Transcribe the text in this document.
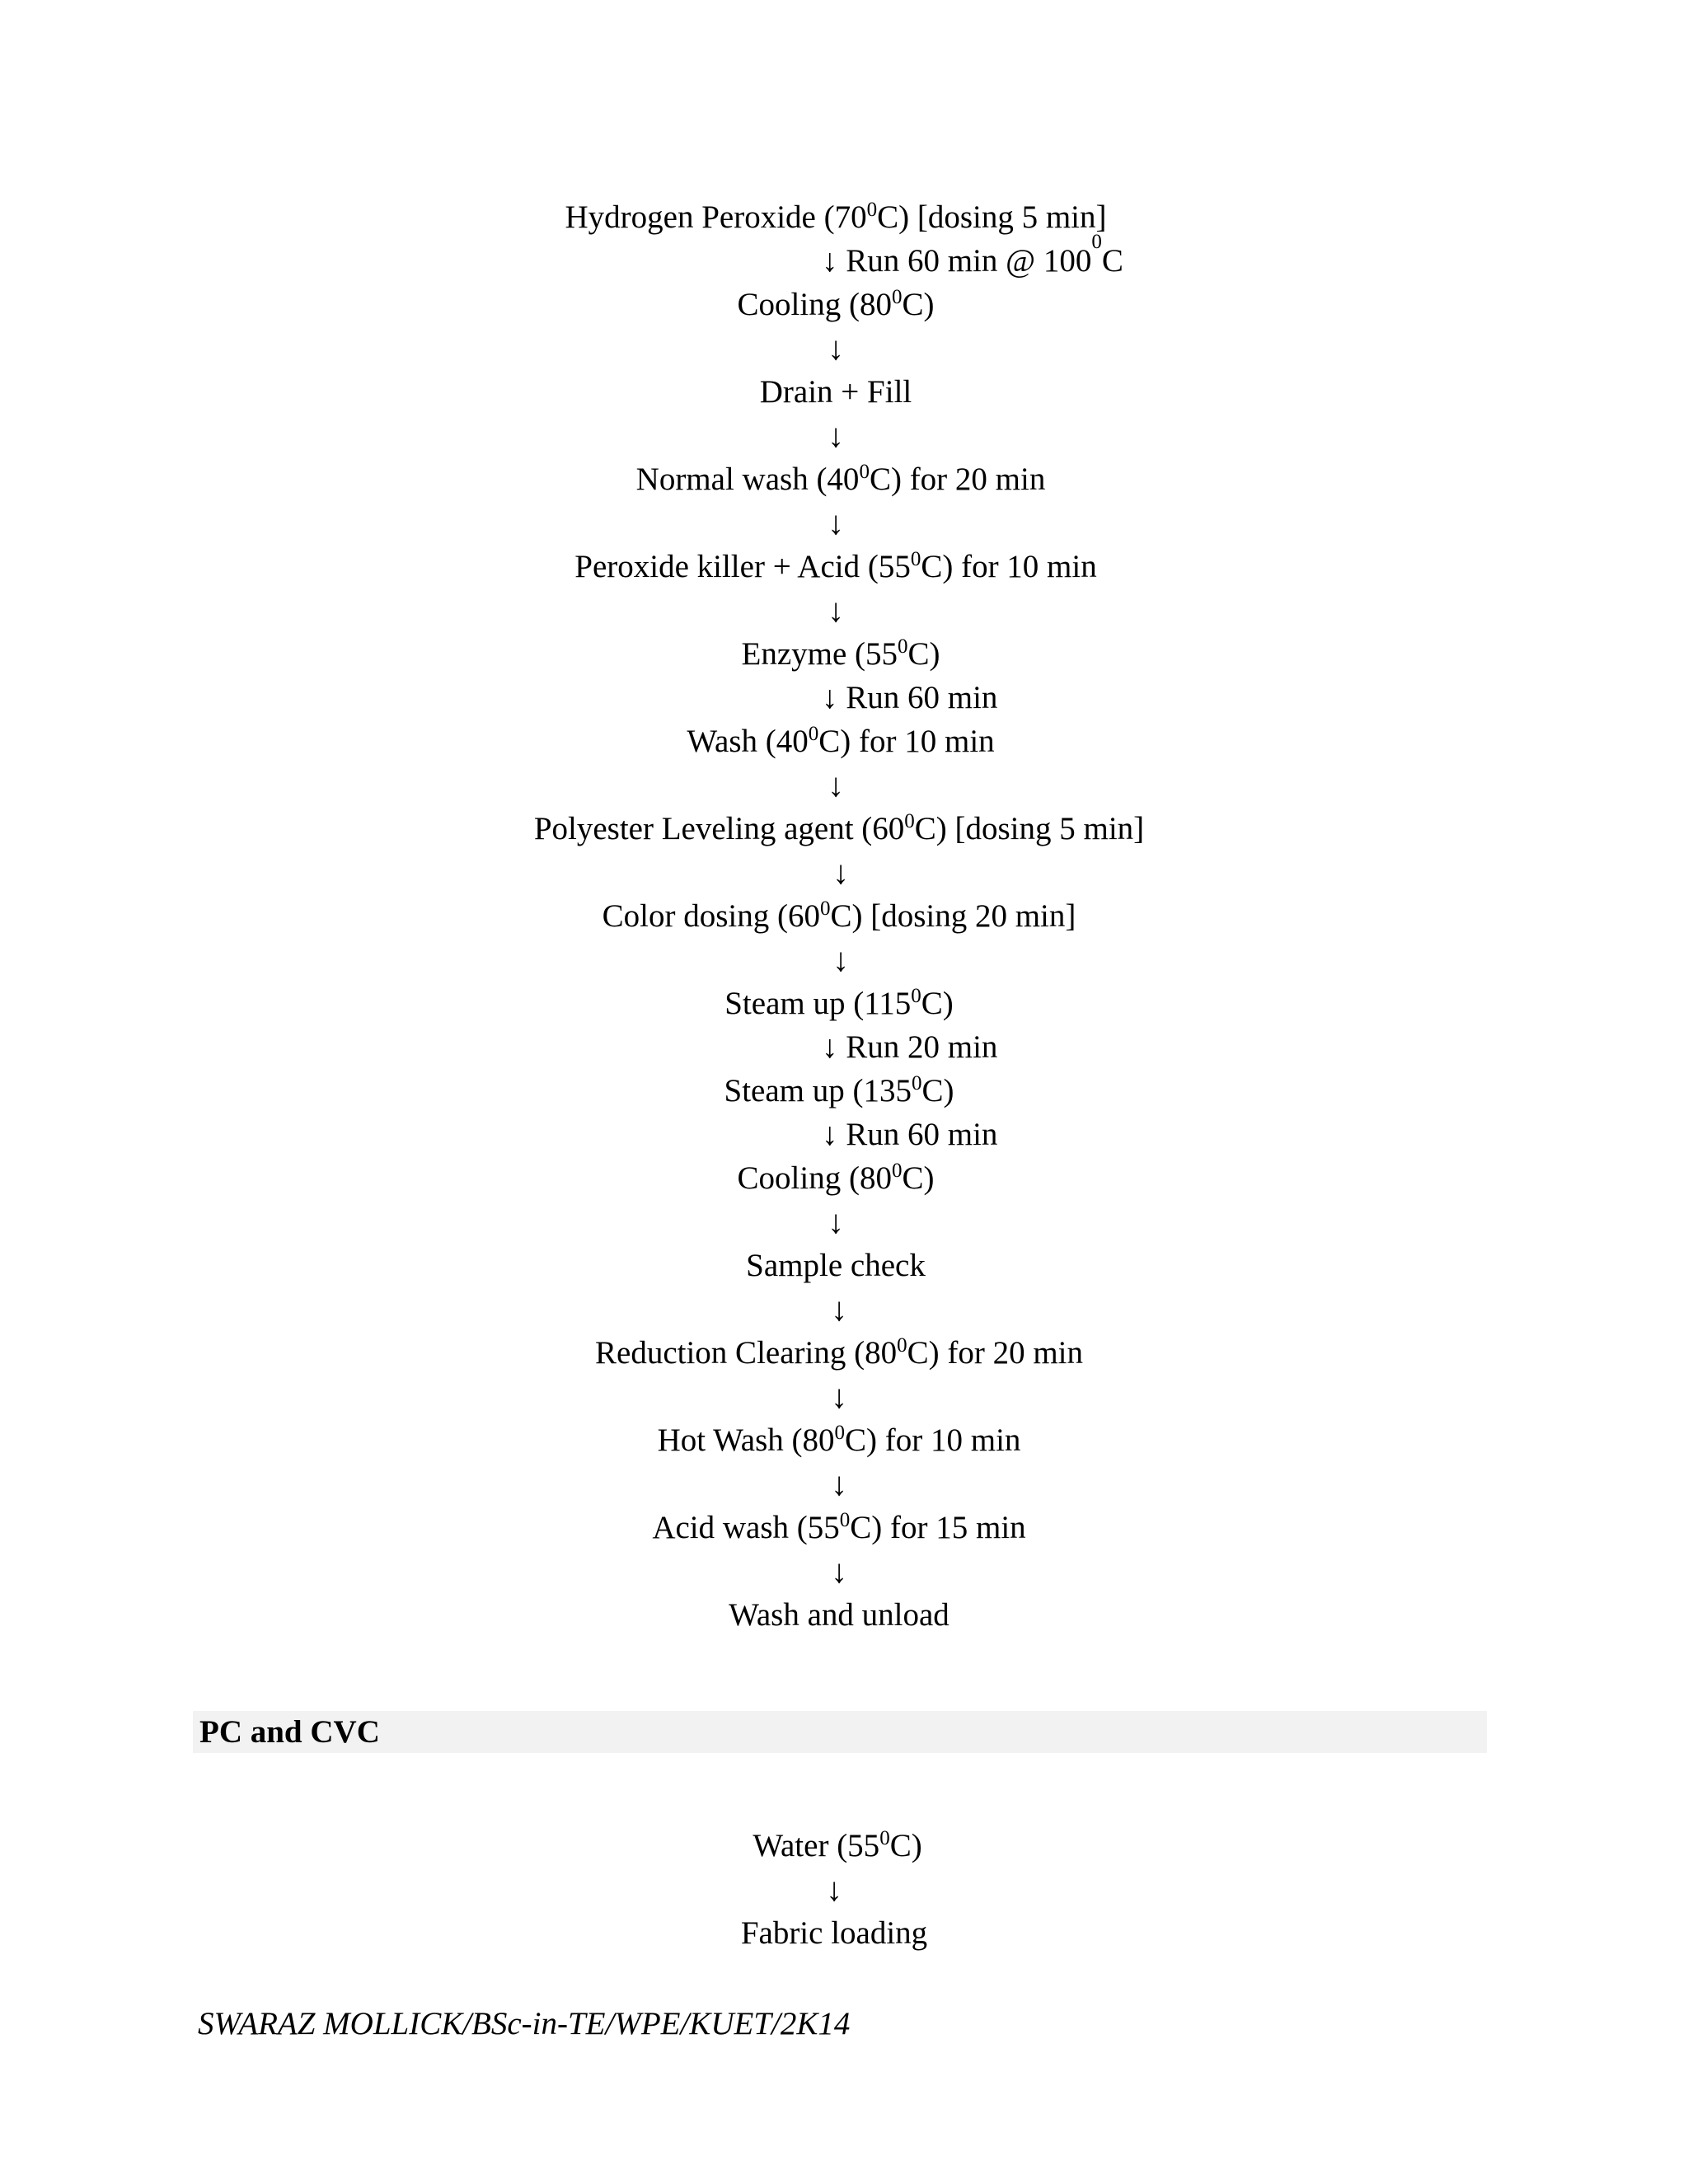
Hydrogen Peroxide $(70^0C)$ [dosing 5 min]
↓ Run 60 min @ $100^0C$
Cooling $(80^0C)$
↓
Drain + Fill
↓
Normal wash $(40^0C)$ for 20 min
↓
Peroxide killer + Acid $(55^0C)$ for 10 min
↓
Enzyme $(55^0C)$
↓ Run 60 min
Wash $(40^0C)$ for 10 min
↓
Polyester Leveling agent $(60^0C)$ [dosing 5 min]
↓
Color dosing $(60^0C)$ [dosing 20 min]
↓
Steam up $(115^0C)$
↓ Run 20 min
Steam up $(135^0C)$
↓ Run 60 min
Cooling $(80^0C)$
↓
Sample check
↓
Reduction Clearing $(80^0C)$ for 20 min
↓
Hot Wash $(80^0C)$ for 10 min
↓
Acid wash $(55^0C)$ for 15 min
↓
Wash and unload
PC and CVC
Water $(55^0C)$
↓
Fabric loading
SWARAZ MOLLICK/BSc-in-TE/WPE/KUET/2K14
